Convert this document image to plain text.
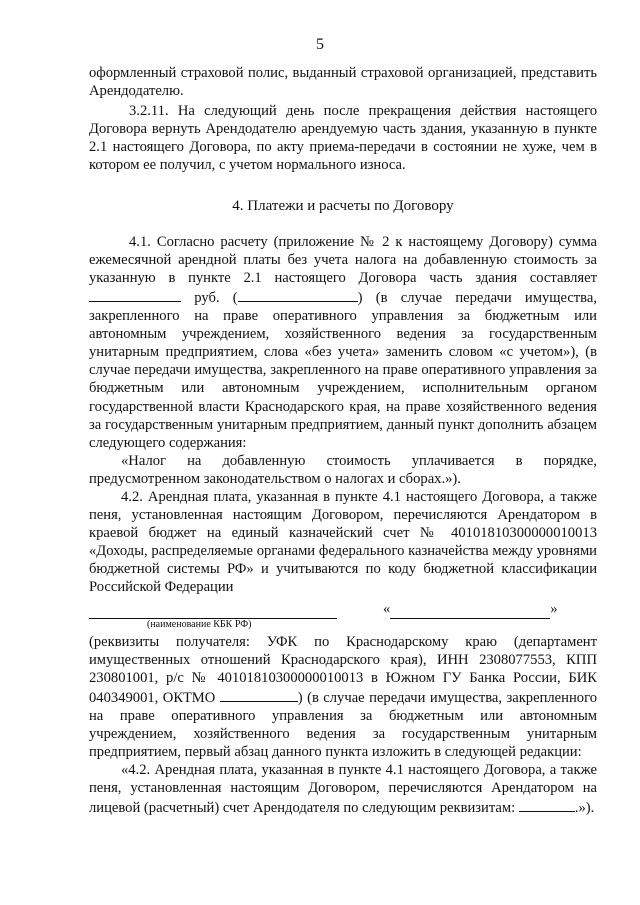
5

оформленный страховой полис, выданный страховой организацией, представить Арендодателю.

3.2.11. На следующий день после прекращения действия настоящего Договора вернуть Арендодателю арендуемую часть здания, указанную в пункте 2.1 настоящего Договора, по акту приема-передачи в состоянии не хуже, чем в котором ее получил, с учетом нормального износа.

4. Платежи и расчеты по Договору

4.1. Согласно расчету (приложение № 2 к настоящему Договору) сумма ежемесячной арендной платы без учета налога на добавленную стоимость за указанную в пункте 2.1 настоящего Договора часть здания составляет  руб. (	) (в случае передачи имущества, закрепленного на праве оперативного управления за бюджетным или автономным учреждением, хозяйственного ведения за государственным унитарным предприятием, слова «без учета» заменить словом «с учетом»), (в случае передачи имущества, закрепленного на праве оперативного управления за бюджетным или автономным учреждением, исполнительным органом государственной власти Краснодарского края, на праве хозяйственного ведения за государственным унитарным предприятием, данный пункт дополнить абзацем следующего содержания:

«Налог на добавленную стоимость уплачивается в порядке, предусмотренном законодательством о налогах и сборах.»).

4.2. Арендная плата, указанная в пункте 4.1 настоящего Договора, а также пеня, установленная настоящим Договором, перечисляются Арендатором в краевой бюджет на единый казначейский счет № 40101810300000010013 «Доходы, распределяемые органами федерального казначейства между уровнями бюджетной системы РФ» и учитываются по коду бюджетной классификации Российской Федерации

«	»
(наименование КБК РФ)

(реквизиты получателя: УФК по Краснодарскому краю (департамент имущественных отношений Краснодарского края), ИНН 2308077553, КПП 230801001, р/с № 40101810300000010013 в Южном ГУ Банка России, БИК 040349001, ОКТМО	) (в случае передачи имущества, закрепленного на праве оперативного управления за бюджетным или автономным учреждением, хозяйственного ведения за государственным унитарным предприятием, первый абзац данного пункта изложить в следующей редакции:

«4.2. Арендная плата, указанная в пункте 4.1 настоящего Договора, а также пеня, установленная настоящим Договором, перечисляются Арендатором на лицевой (расчетный) счет Арендодателя по следующим реквизитам:	.»).
